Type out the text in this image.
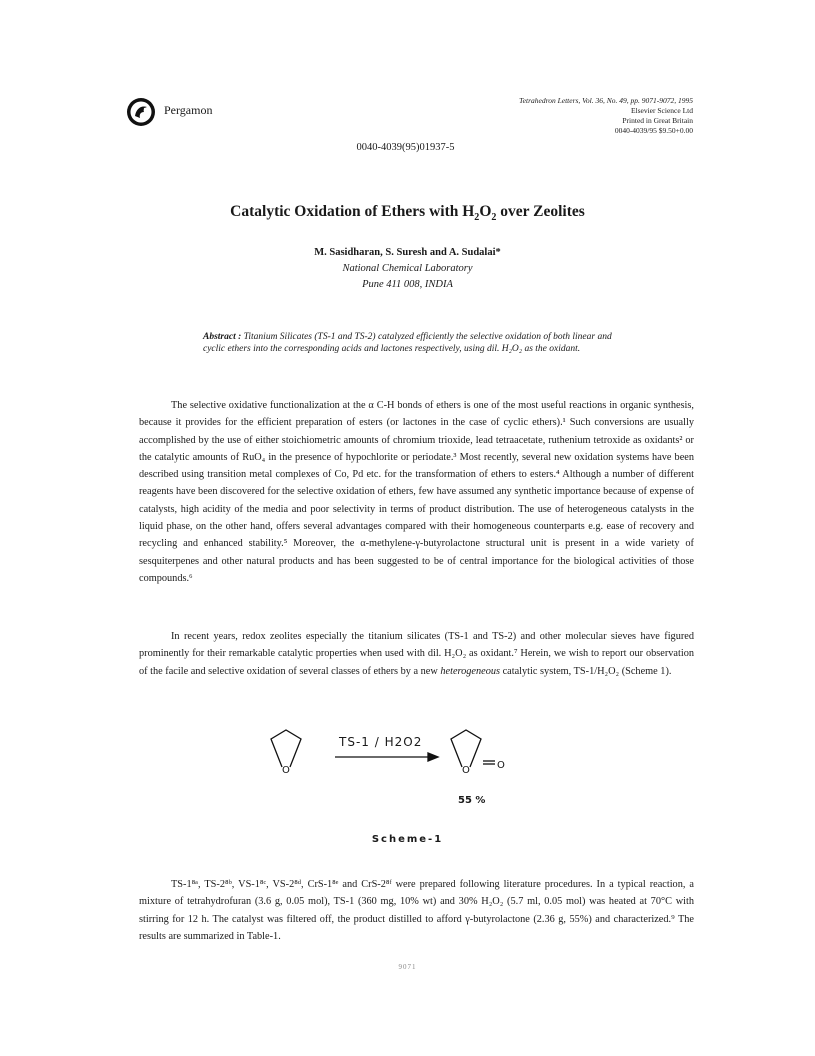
Pergamon
Tetrahedron Letters, Vol. 36, No. 49, pp. 9071-9072, 1995
Elsevier Science Ltd
Printed in Great Britain
0040-4039/95 $9.50+0.00
0040-4039(95)01937-5
Catalytic Oxidation of Ethers with $H_2O_2$ over Zeolites
M. Sasidharan, S. Suresh and A. Sudalai*
National Chemical Laboratory
Pune 411 008, INDIA
Abstract : Titanium Silicates (TS-1 and TS-2) catalyzed efficiently the selective oxidation of both linear and cyclic ethers into the corresponding acids and lactones respectively, using dil. H₂O₂ as the oxidant.

The selective oxidative functionalization at the α C-H bonds of ethers is one of the most useful reactions in organic synthesis, because it provides for the efficient preparation of esters (or lactones in the case of cyclic ethers).¹ Such conversions are usually accomplished by the use of either stoichiometric amounts of chromium trioxide, lead tetraacetate, ruthenium tetroxide as oxidants² or the catalytic amounts of RuO₄ in the presence of hypochlorite or periodate.³ Most recently, several new oxidation systems have been described using transition metal complexes of Co, Pd etc. for the transformation of ethers to esters.⁴ Although a number of different reagents have been discovered for the selective oxidation of ethers, few have assumed any synthetic importance because of expense of catalysts, high acidity of the media and poor selectivity in terms of product distribution. The use of heterogeneous catalysts in the liquid phase, on the other hand, offers several advantages compared with their homogeneous counterparts e.g. ease of recovery and recycling and enhanced stability.⁵ Moreover, the α-methylene-γ-butyrolactone structural unit is present in a wide variety of sesquiterpenes and other natural products and has been suggested to be of central importance for the biological activities of those compounds.⁶

In recent years, redox zeolites especially the titanium silicates (TS-1 and TS-2) and other molecular sieves have figured prominently for their remarkable catalytic properties when used with dil. H₂O₂ as oxidant.⁷ Herein, we wish to report our observation of the facile and selective oxidation of several classes of ethers by a new heterogeneous catalytic system, TS-1/H₂O₂ (Scheme 1).

O	O	O
TS-1 / H2O2
55 %
Scheme-1

TS-1⁸ᵃ, TS-2⁸ᵇ, VS-1⁸ᶜ, VS-2⁸ᵈ, CrS-1⁸ᵉ and CrS-2⁸ᶠ were prepared following literature procedures. In a typical reaction, a mixture of tetrahydrofuran (3.6 g, 0.05 mol), TS-1 (360 mg, 10% wt) and 30% H₂O₂ (5.7 ml, 0.05 mol) was heated at 70°C with stirring for 12 h. The catalyst was filtered off, the product distilled to afford γ-butyrolactone (2.36 g, 55%) and characterized.⁹ The results are summarized in Table-1.

9071
